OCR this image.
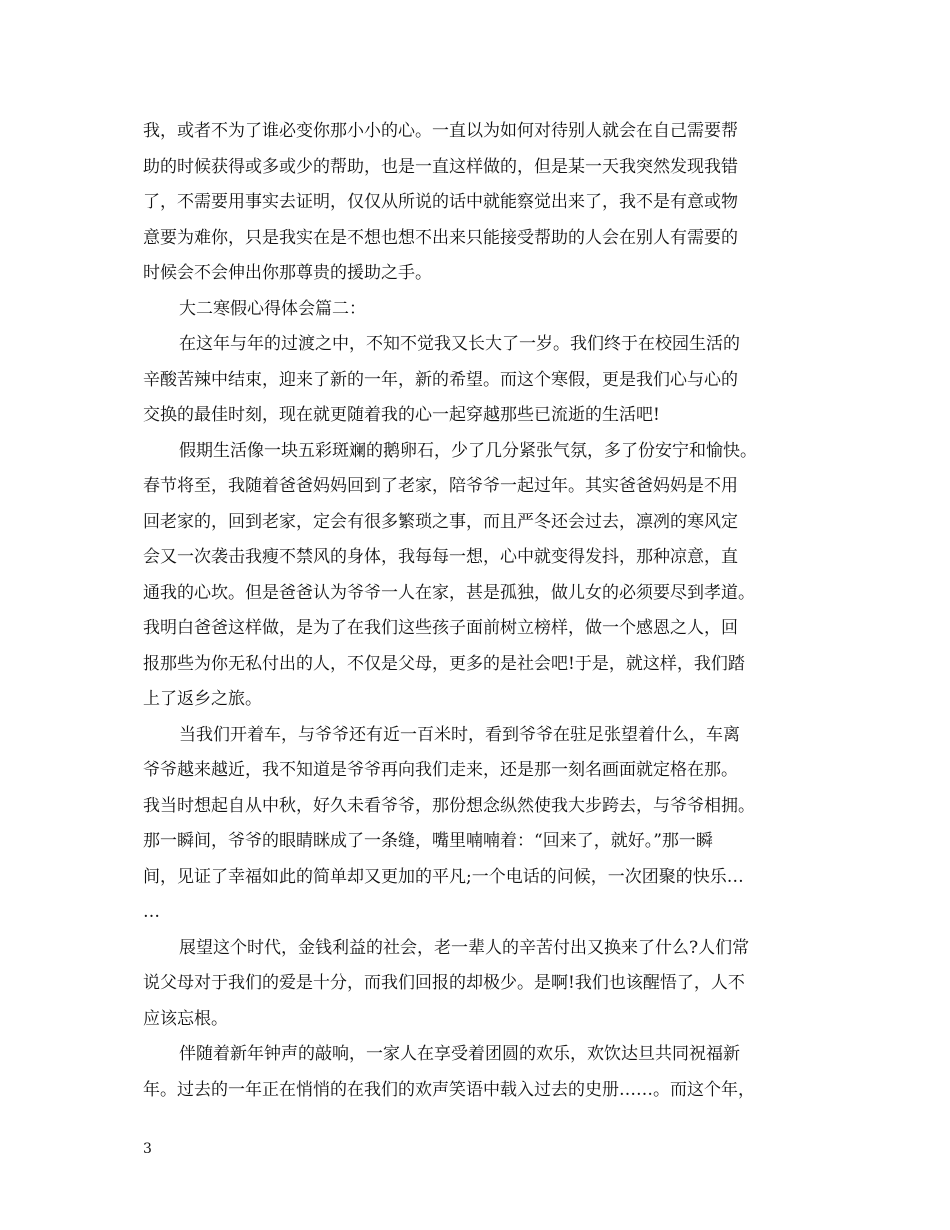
我，或者不为了谁必变你那小小的心。一直以为如何对待别人就会在自己需要帮
助的时候获得或多或少的帮助，也是一直这样做的，但是某一天我突然发现我错
了，不需要用事实去证明，仅仅从所说的话中就能察觉出来了，我不是有意或物
意要为难你，只是我实在是不想也想不出来只能接受帮助的人会在别人有需要的
时候会不会伸出你那尊贵的援助之手。
大二寒假心得体会篇二：
在这年与年的过渡之中，不知不觉我又长大了一岁。我们终于在校园生活的
辛酸苦辣中结束，迎来了新的一年，新的希望。而这个寒假，更是我们心与心的
交换的最佳时刻，现在就更随着我的心一起穿越那些已流逝的生活吧!
假期生活像一块五彩斑斓的鹅卵石，少了几分紧张气氛，多了份安宁和愉快。
春节将至，我随着爸爸妈妈回到了老家，陪爷爷一起过年。其实爸爸妈妈是不用
回老家的，回到老家，定会有很多繁琐之事，而且严冬还会过去，凛冽的寒风定
会又一次袭击我瘦不禁风的身体，我每每一想，心中就变得发抖，那种凉意，直
通我的心坎。但是爸爸认为爷爷一人在家，甚是孤独，做儿女的必须要尽到孝道。
我明白爸爸这样做，是为了在我们这些孩子面前树立榜样，做一个感恩之人，回
报那些为你无私付出的人，不仅是父母，更多的是社会吧!于是，就这样，我们踏
上了返乡之旅。
当我们开着车，与爷爷还有近一百米时，看到爷爷在驻足张望着什么，车离
爷爷越来越近，我不知道是爷爷再向我们走来，还是那一刻名画面就定格在那。
我当时想起自从中秋，好久未看爷爷，那份想念纵然使我大步跨去，与爷爷相拥。
那一瞬间，爷爷的眼睛眯成了一条缝，嘴里喃喃着：“回来了，就好。”那一瞬
间，见证了幸福如此的简单却又更加的平凡;一个电话的问候，一次团聚的快乐…
…
展望这个时代，金钱利益的社会，老一辈人的辛苦付出又换来了什么?人们常
说父母对于我们的爱是十分，而我们回报的却极少。是啊!我们也该醒悟了，人不
应该忘根。
伴随着新年钟声的敲响，一家人在享受着团圆的欢乐，欢饮达旦共同祝福新
年。过去的一年正在悄悄的在我们的欢声笑语中载入过去的史册……。而这个年，
3
